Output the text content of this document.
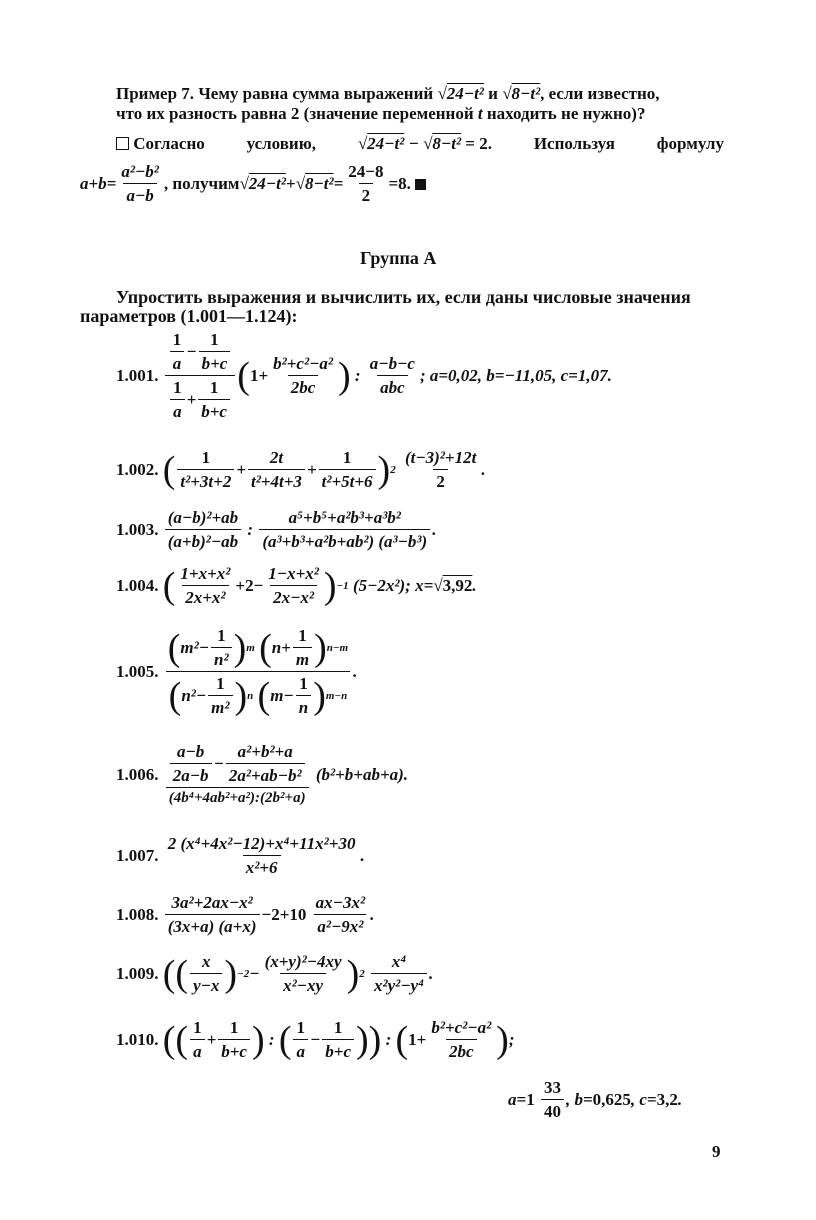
Пример 7. Чему равна сумма выражений √24−t² и √8−t², если известно,
что их разность равна 2 (значение переменной t находить не нужно)?
Согласно условию, √24−t² − √8−t² = 2. Используя формулу
$a+b= \frac{\text{a²−b²}}{a-b}$ , получим $√24-t^2+√8-t^2= \frac{24-8}{2} =8$.

Группа А
Упростить выражения и вычислить их, если даны числовые значения
параметров (1.001—1.124):
1.001.
$\frac{\frac{1}{a} - \frac{1}{b+c}}{\frac{1}{a} + \frac{1}{b+c}}$ ( $1+ \frac{\text{b²+c²−a²}}{2bc}$ ) : $\frac{a-b-c}{\text{abc}}$ ; a=0,02, b=−11,05, c=1,07.
1.002.
( $\frac{1}{\text{t²+3t+2}} + \frac{2t}{\text{t²+4t+3}} + \frac{1}{\text{t²+5t+6}}$ ) 2
$\frac{\text{(t−3)²+12t}}{2}$ .
1.003.
$\frac{\text{(a−b)²+ab}}{\text{(a+b)²−ab}}$ : $\frac{\text{a⁵+b⁵+a²b³+a³b²}}{\text{(a³+b³+a²b+ab²) (a³−b³)}}$ .
1.004.
( $\frac{\text{1+x+x²}}{\text{2x+x²}} +2- \frac{\text{1−x+x²}}{\text{2x−x²}}$ ) −1 (5−2x²); x=√ 3,92 .
1.005.
( $m^2- \frac{1}{\text{n²}}$ ) m
( $n+ \frac{1}{m}$ ) n−m
( $n^2- \frac{1}{\text{m²}}$ ) n
( $m- \frac{1}{n}$ ) m−n .
1.006.
$\frac{\frac{a-b}{2a-b} - \frac{\text{a²+b²+a}}{\text{2a²+ab−b²}}}{\text{(4b⁴+4ab²+a²):(2b²+a)}} (b^2+b+ab+a)$.
1.007.
$\frac{\text{2 (x⁴+4x²−12)+x⁴+11x²+30}}{\text{x²+6}}$ .
1.008.
$\frac{\text{3a²+2ax−x²}}{(3x+a) (a+x)} -2+10$
$\frac{\text{ax−3x²}}{\text{a²−9x²}}$ .
1.009.
(( $\frac{x}{y-x}$ ) $-2 - \frac{\text{(x+y)²−4xy}}{\text{x²−xy}}$ ) 2
$\frac{\text{x⁴}}{\text{x²y²−y⁴}}$ .
1.010.
(( $\frac{1}{a} + \frac{1}{b+c}$ ) : ( $\frac{1}{a} - \frac{1}{b+c}$ )) : ( $1+ \frac{\text{b²+c²−a²}}{2bc}$ ) ;
a= 1
$\frac{33}{40}$ , b= 0,625 , c= 3,2 .
9
